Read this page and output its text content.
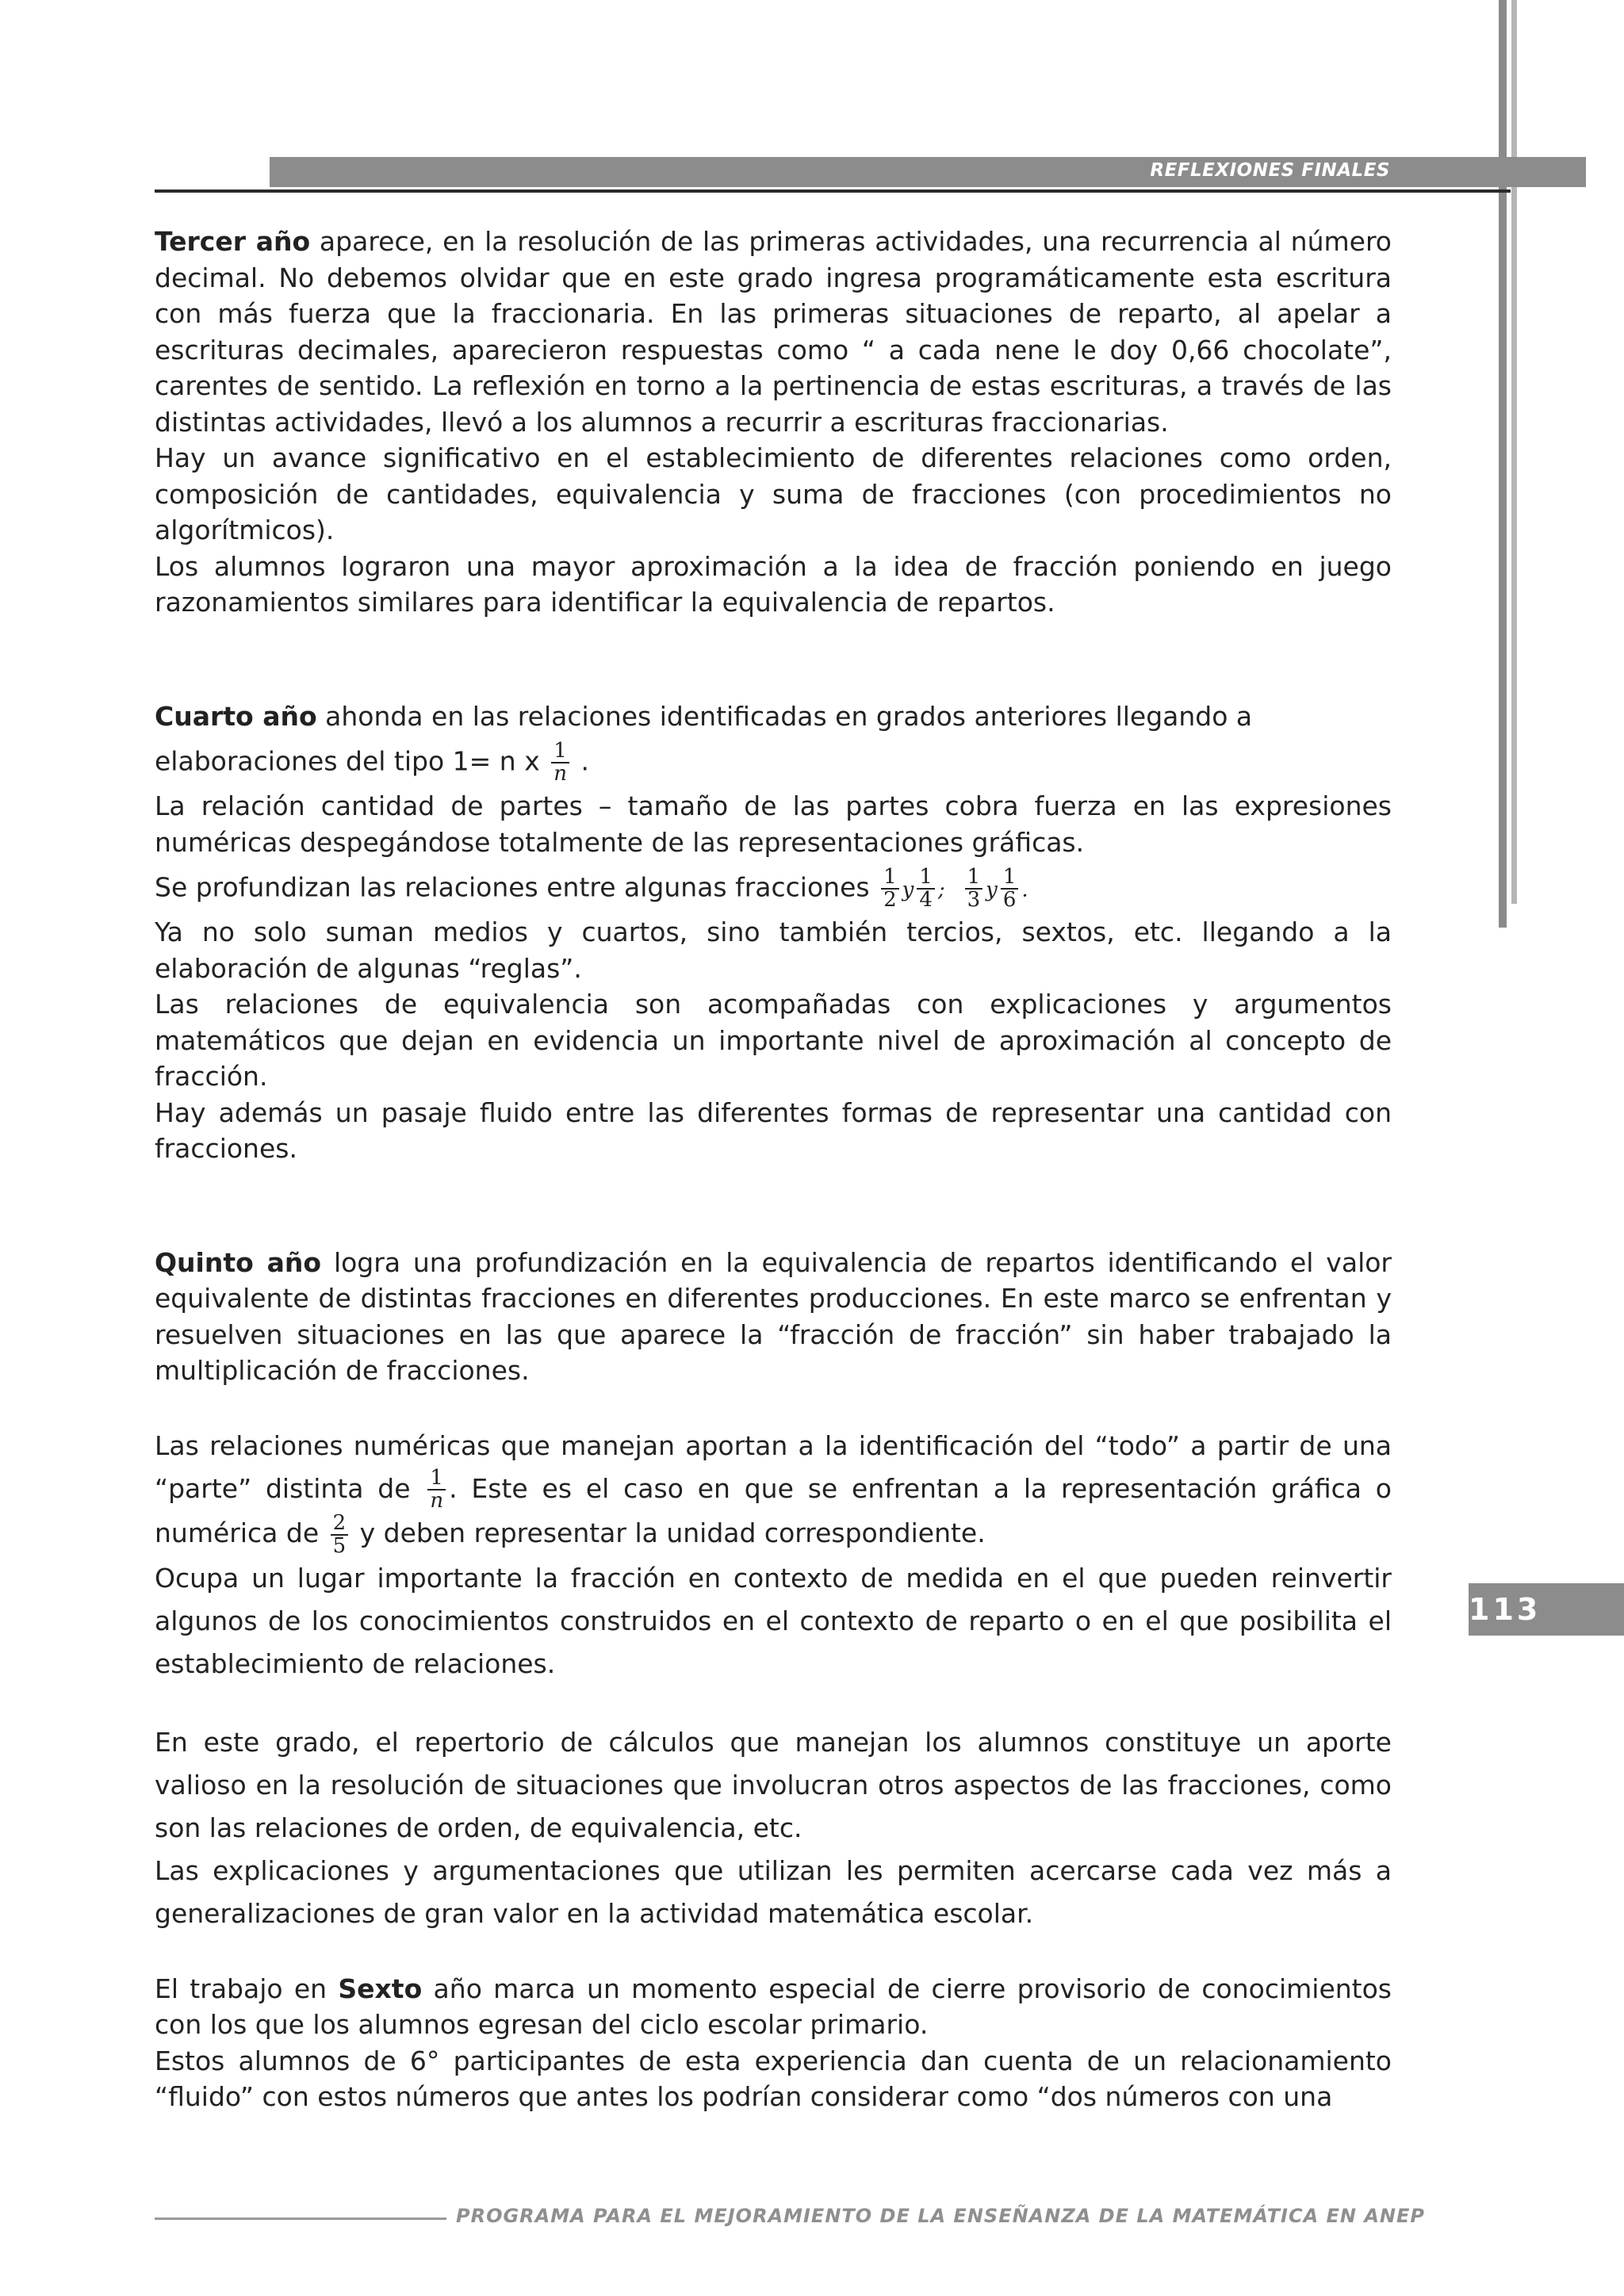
REFLEXIONES FINALES
113

Tercer año aparece, en la resolución de las primeras actividades, una recurrencia al número decimal. No debemos olvidar que en este grado ingresa programáticamente esta escritura con más fuerza que la fraccionaria. En las primeras situaciones de reparto, al apelar a escrituras decimales, aparecieron respuestas como “ a cada nene le doy 0,66 chocolate”, carentes de sentido. La reflexión en torno a la pertinencia de estas escrituras, a través de las distintas actividades, llevó a los alumnos a recurrir a escrituras fraccionarias.

Hay un avance significativo en el establecimiento de diferentes relaciones como orden, composición de cantidades, equivalencia y suma de fracciones (con procedimientos no algorítmicos).

Los alumnos lograron una mayor aproximación a la idea de fracción poniendo en juego razonamientos similares para identificar la equivalencia de repartos.

Cuarto año ahonda en las relaciones identificadas en grados anteriores llegando a

elaboraciones del tipo 1= n x $\frac{1}{n}$ .

La relación cantidad de partes – tamaño de las partes cobra fuerza en las expresiones numéricas despegándose totalmente de las representaciones gráficas.

Se profundizan las relaciones entre algunas fracciones $\frac{1}{2}$ y $\frac{1}{4}$ ; $\frac{1}{3}$ y $\frac{1}{6}$ .

Ya no solo suman medios y cuartos, sino también tercios, sextos, etc. llegando a la elaboración de algunas “reglas”.

Las relaciones de equivalencia son acompañadas con explicaciones y argumentos matemáticos que dejan en evidencia un importante nivel de aproximación al concepto de fracción.

Hay además un pasaje fluido entre las diferentes formas de representar una cantidad con fracciones.

Quinto año logra una profundización en la equivalencia de repartos identificando el valor equivalente de distintas fracciones en diferentes producciones. En este marco se enfrentan y resuelven situaciones en las que aparece la “fracción de fracción” sin haber trabajado la multiplicación de fracciones.

Las relaciones numéricas que manejan aportan a la identificación del “todo” a partir de una “parte” distinta de $\frac{1}{n}$ . Este es el caso en que se enfrentan a la representación gráfica o numérica de $\frac{2}{5}$ y deben representar la unidad correspondiente.

Ocupa un lugar importante la fracción en contexto de medida en el que pueden reinvertir algunos de los conocimientos construidos en el contexto de reparto o en el que posibilita el establecimiento de relaciones.

En este grado, el repertorio de cálculos que manejan los alumnos constituye un aporte valioso en la resolución de situaciones que involucran otros aspectos de las fracciones, como son las relaciones de orden, de equivalencia, etc.

Las explicaciones y argumentaciones que utilizan les permiten acercarse cada vez más a generalizaciones de gran valor en la actividad matemática escolar.

El trabajo en Sexto año marca un momento especial de cierre provisorio de conocimientos con los que los alumnos egresan del ciclo escolar primario.

Estos alumnos de 6° participantes de esta experiencia dan cuenta de un relacionamiento “fluido” con estos números que antes los podrían considerar como “dos números con una

PROGRAMA PARA EL MEJORAMIENTO DE LA ENSEÑANZA DE LA MATEMÁTICA EN ANEP
